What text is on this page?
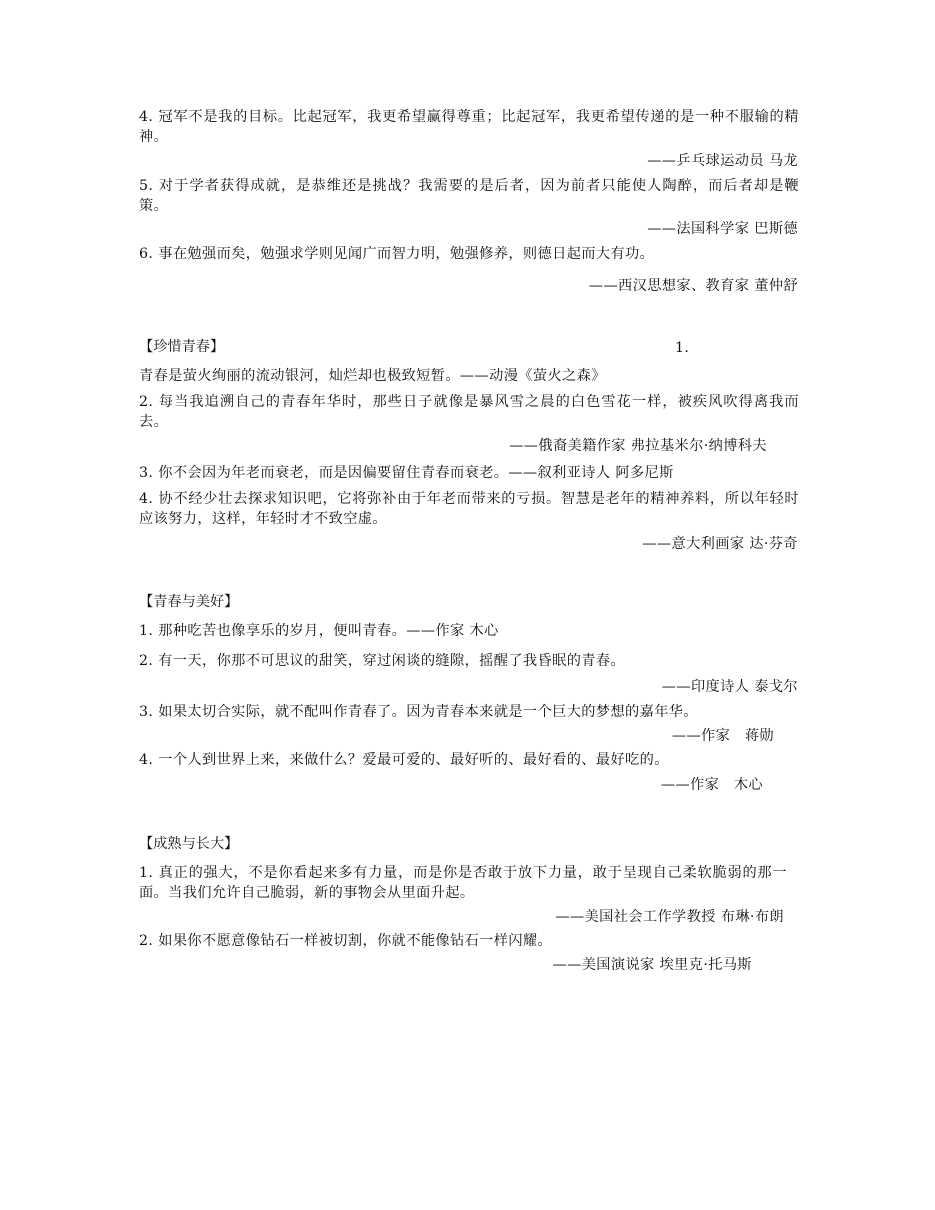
4. 冠军不是我的目标。比起冠军，我更希望赢得尊重；比起冠军，我更希望传递的是一种不服输的精神。
——乒乓球运动员 马龙
5. 对于学者获得成就，是恭维还是挑战？我需要的是后者，因为前者只能使人陶醉，而后者却是鞭策。
——法国科学家 巴斯德
6. 事在勉强而矣，勉强求学则见闻广而智力明，勉强修养，则德日起而大有功。
——西汉思想家、教育家 董仲舒
【珍惜青春】	1.
青春是萤火绚丽的流动银河，灿烂却也极致短暂。——动漫《萤火之森》
2. 每当我追溯自己的青春年华时，那些日子就像是暴风雪之晨的白色雪花一样，被疾风吹得离我而去。
——俄裔美籍作家 弗拉基米尔·纳博科夫
3. 你不会因为年老而衰老，而是因偏要留住青春而衰老。——叙利亚诗人 阿多尼斯
4. 协不经少壮去探求知识吧，它将弥补由于年老而带来的亏损。智慧是老年的精神养料，所以年轻时应该努力，这样，年轻时才不致空虚。
——意大利画家 达·芬奇
【青春与美好】
1. 那种吃苦也像享乐的岁月，便叫青春。——作家 木心
2. 有一天，你那不可思议的甜笑，穿过闲谈的缝隙，摇醒了我昏眠的青春。
——印度诗人 泰戈尔
3. 如果太切合实际，就不配叫作青春了。因为青春本来就是一个巨大的梦想的嘉年华。
——作家　蒋勋
4. 一个人到世界上来，来做什么？爱最可爱的、最好听的、最好看的、最好吃的。
——作家　木心
【成熟与长大】
1. 真正的强大，不是你看起来多有力量，而是你是否敢于放下力量，敢于呈现自己柔软脆弱的那一面。当我们允许自己脆弱，新的事物会从里面升起。
——美国社会工作学教授 布琳·布朗
2. 如果你不愿意像钻石一样被切割，你就不能像钻石一样闪耀。
——美国演说家 埃里克·托马斯
